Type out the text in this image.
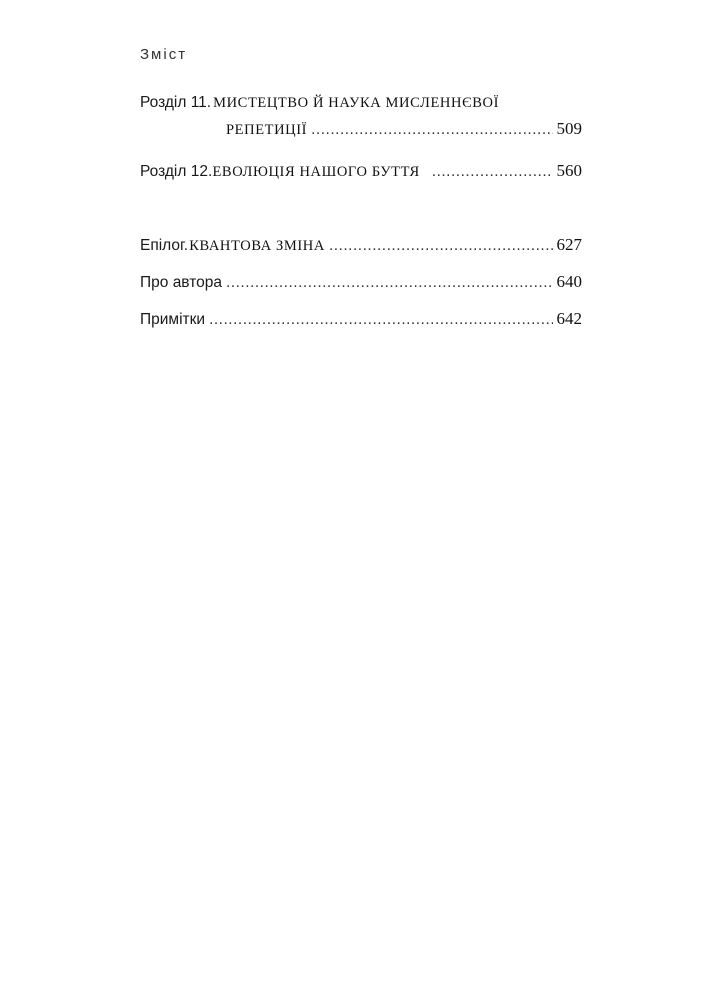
Зміст
Розділ 11. МИСТЕЦТВО Й НАУКА МИСЛЕННЄВОЇ
РЕПЕТИЦІЇ .....	509
Розділ 12. ЕВОЛЮЦІЯ НАШОГО БУТТЯ .....	560
Епілог. КВАНТОВА ЗМІНА .....	627
Про автора .....	640
Примітки .....	642
